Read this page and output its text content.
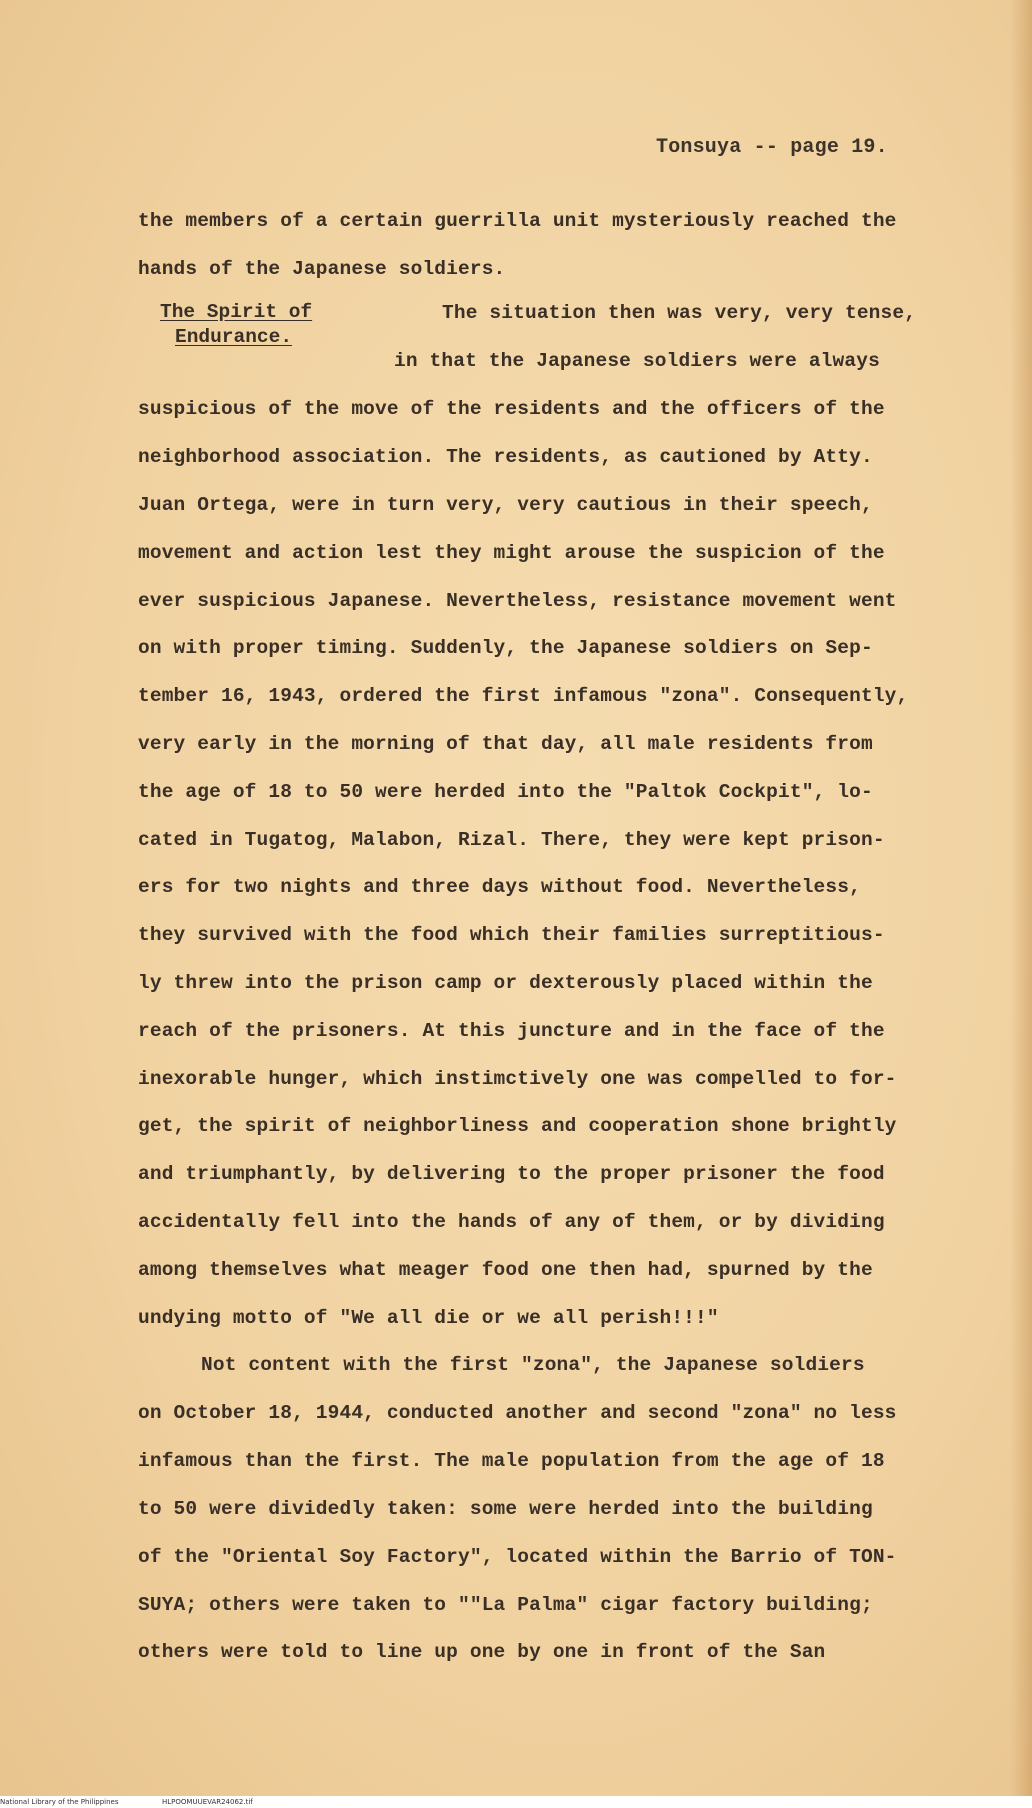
Tonsuya -- page 19.
The Spirit of
Endurance.
the members of a certain guerrilla unit mysteriously reached the
hands of the Japanese soldiers.
The situation then was very, very tense,
in that the Japanese soldiers were always
suspicious of the move of the residents and the officers of the
neighborhood association. The residents, as cautioned by Atty.
Juan Ortega, were in turn very, very cautious in their speech,
movement and action lest they might arouse the suspicion of the
ever suspicious Japanese. Nevertheless, resistance movement went
on with proper timing. Suddenly, the Japanese soldiers on Sep-
tember 16, 1943, ordered the first infamous "zona". Consequently,
very early in the morning of that day, all male residents from
the age of 18 to 50 were herded into the "Paltok Cockpit", lo-
cated in Tugatog, Malabon, Rizal. There, they were kept prison-
ers for two nights and three days without food. Nevertheless,
they survived with the food which their families surreptitious-
ly threw into the prison camp or dexterously placed within the
reach of the prisoners. At this juncture and in the face of the
inexorable hunger, which instimctively one was compelled to for-
get, the spirit of neighborliness and cooperation shone brightly
and triumphantly, by delivering to the proper prisoner the food
accidentally fell into the hands of any of them, or by dividing
among themselves what meager food one then had, spurned by the
undying motto of "We all die or we all perish!!!"
Not content with the first "zona", the Japanese soldiers
on October 18, 1944, conducted another and second "zona" no less
infamous than the first. The male population from the age of 18
to 50 were dividedly taken: some were herded into the building
of the "Oriental Soy Factory", located within the Barrio of TON-
SUYA; others were taken to ""La Palma" cigar factory building;
others were told to line up one by one in front of the San
National Library of the Philippines	HLPOOMUUEVAR24062.tif
